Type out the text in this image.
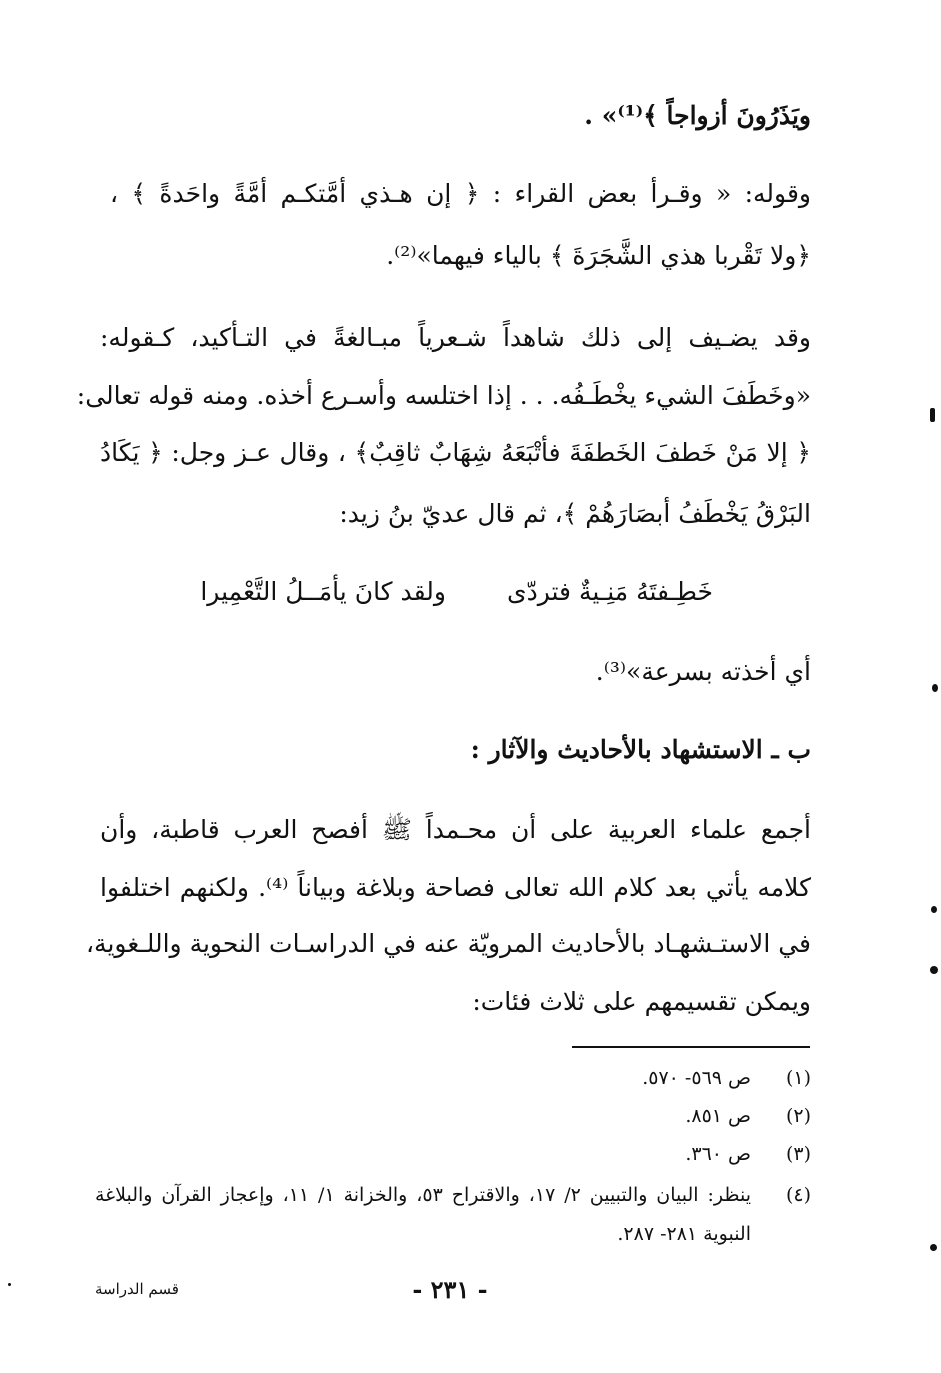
ويَذَرُونَ أزواجاً ﴾⁽¹⁾» .
وقوله: « وقـرأ بعض القراء : ﴿ إن هـذي أمَّتكـم أمَّةً واحَدةً ﴾ ،
﴿ولا تَقْربا هذي الشَّجَرَةَ ﴾ بالياء فيهما»⁽²⁾.
وقد يضـيف إلى ذلك شاهداً شـعرياً مبـالغةً في التـأكيد، كـقوله:
«وخَطَفَ الشيء يخْطَـفُه. . . إذا اختلسه وأسـرع أخذه. ومنه قوله تعالى:
﴿ إلا مَنْ خَطفَ الخَطفَةَ فأتْبَعَهُ شِهَابٌ ثاقِبٌ﴾ ، وقال عـز وجل: ﴿ يَكَادُ
البَرْقُ يَخْطَفُ أبصَارَهُمْ ﴾، ثم قال عديّ بنُ زيد:
خَطِـفتَهُ مَنِـيةٌ فتردّى
ولقد كانَ يأمَــلُ التَّعْمِيرا
أي أخذته بسرعة»⁽³⁾.
ب ـ الاستشهاد بالأحاديث والآثار :
أجمع علماء العربية على أن محـمداً ﷺ أفصح العرب قاطبة، وأن
كلامه يأتي بعد كلام الله تعالى فصاحة وبلاغة وبياناً ⁽⁴⁾. ولكنهم اختلفوا
في الاستـشهـاد بالأحاديث المرويّة عنه في الدراسـات النحوية واللـغوية،
ويمكن تقسيمهم على ثلاث فئات:
(١)
ص ٥٦٩- ٥٧٠.
(٢)
ص ٨٥١.
(٣)
ص ٣٦٠.
(٤)
ينظر: البيان والتبيين ٢/ ١٧، والاقتراح ٥٣، والخزانة ١/ ١١، وإعجاز القرآن والبلاغة
النبوية ٢٨١- ٢٨٧.
- ٢٣١ -
قسم الدراسة
